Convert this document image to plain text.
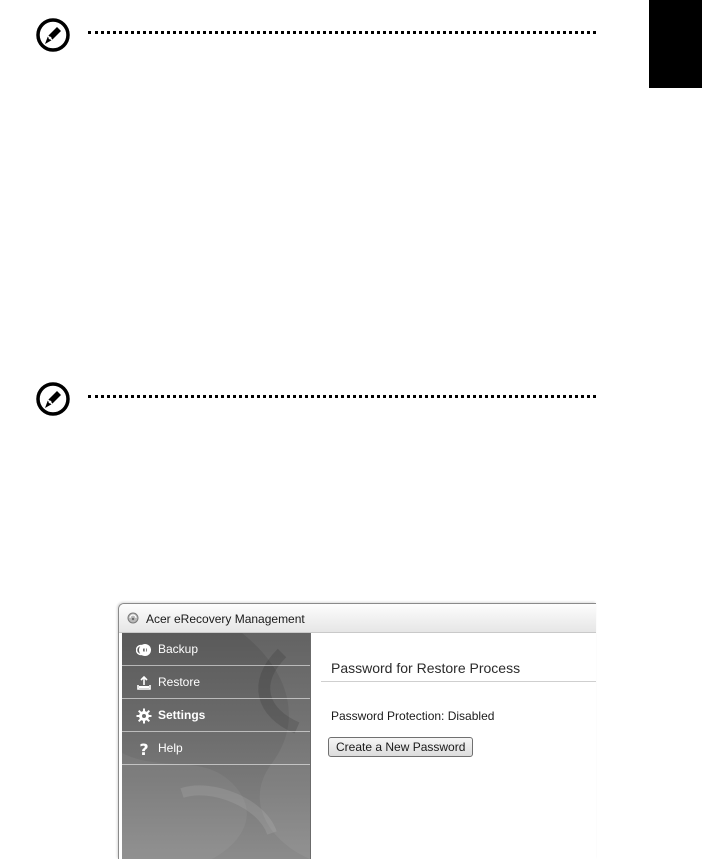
Acer eRecovery Management
Backup
Restore
Settings
? Help
Password for Restore Process
Password Protection: Disabled
Create a New Password
